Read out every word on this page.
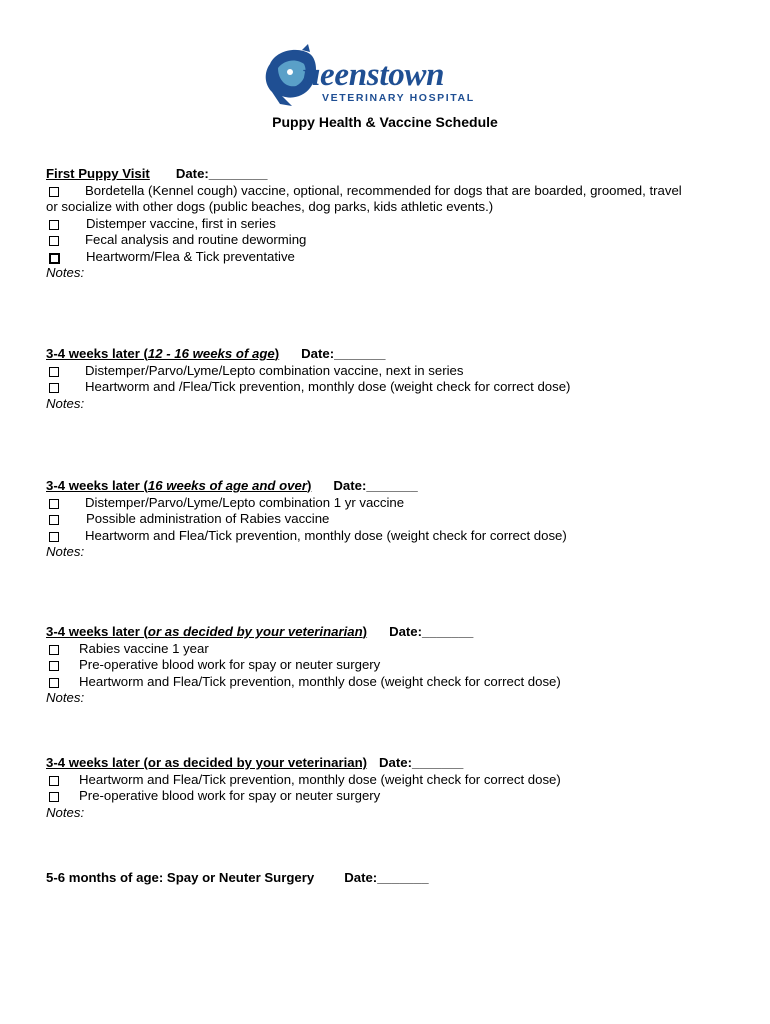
ueenstown
VETERINARY HOSPITAL
Puppy Health & Vaccine Schedule
First Puppy Visit Date:________
Bordetella (Kennel cough) vaccine, optional, recommended for dogs that are boarded, groomed, travel
or socialize with other dogs (public beaches, dog parks, kids athletic events.)
Distemper vaccine, first in series
Fecal analysis and routine deworming
Heartworm/Flea & Tick preventative
Notes:
3-4 weeks later (12 - 16 weeks of age) Date:_______
Distemper/Parvo/Lyme/Lepto combination vaccine, next in series
Heartworm and /Flea/Tick prevention, monthly dose (weight check for correct dose)
Notes:
3-4 weeks later (16 weeks of age and over) Date:_______
Distemper/Parvo/Lyme/Lepto combination 1 yr vaccine
Possible administration of Rabies vaccine
Heartworm and Flea/Tick prevention, monthly dose (weight check for correct dose)
Notes:
3-4 weeks later (or as decided by your veterinarian) Date:_______
Rabies vaccine 1 year
Pre-operative blood work for spay or neuter surgery
Heartworm and Flea/Tick prevention, monthly dose (weight check for correct dose)
Notes:
3-4 weeks later (or as decided by your veterinarian) Date:_______
Heartworm and Flea/Tick prevention, monthly dose (weight check for correct dose)
Pre-operative blood work for spay or neuter surgery
Notes:
5-6 months of age: Spay or Neuter Surgery Date:_______
